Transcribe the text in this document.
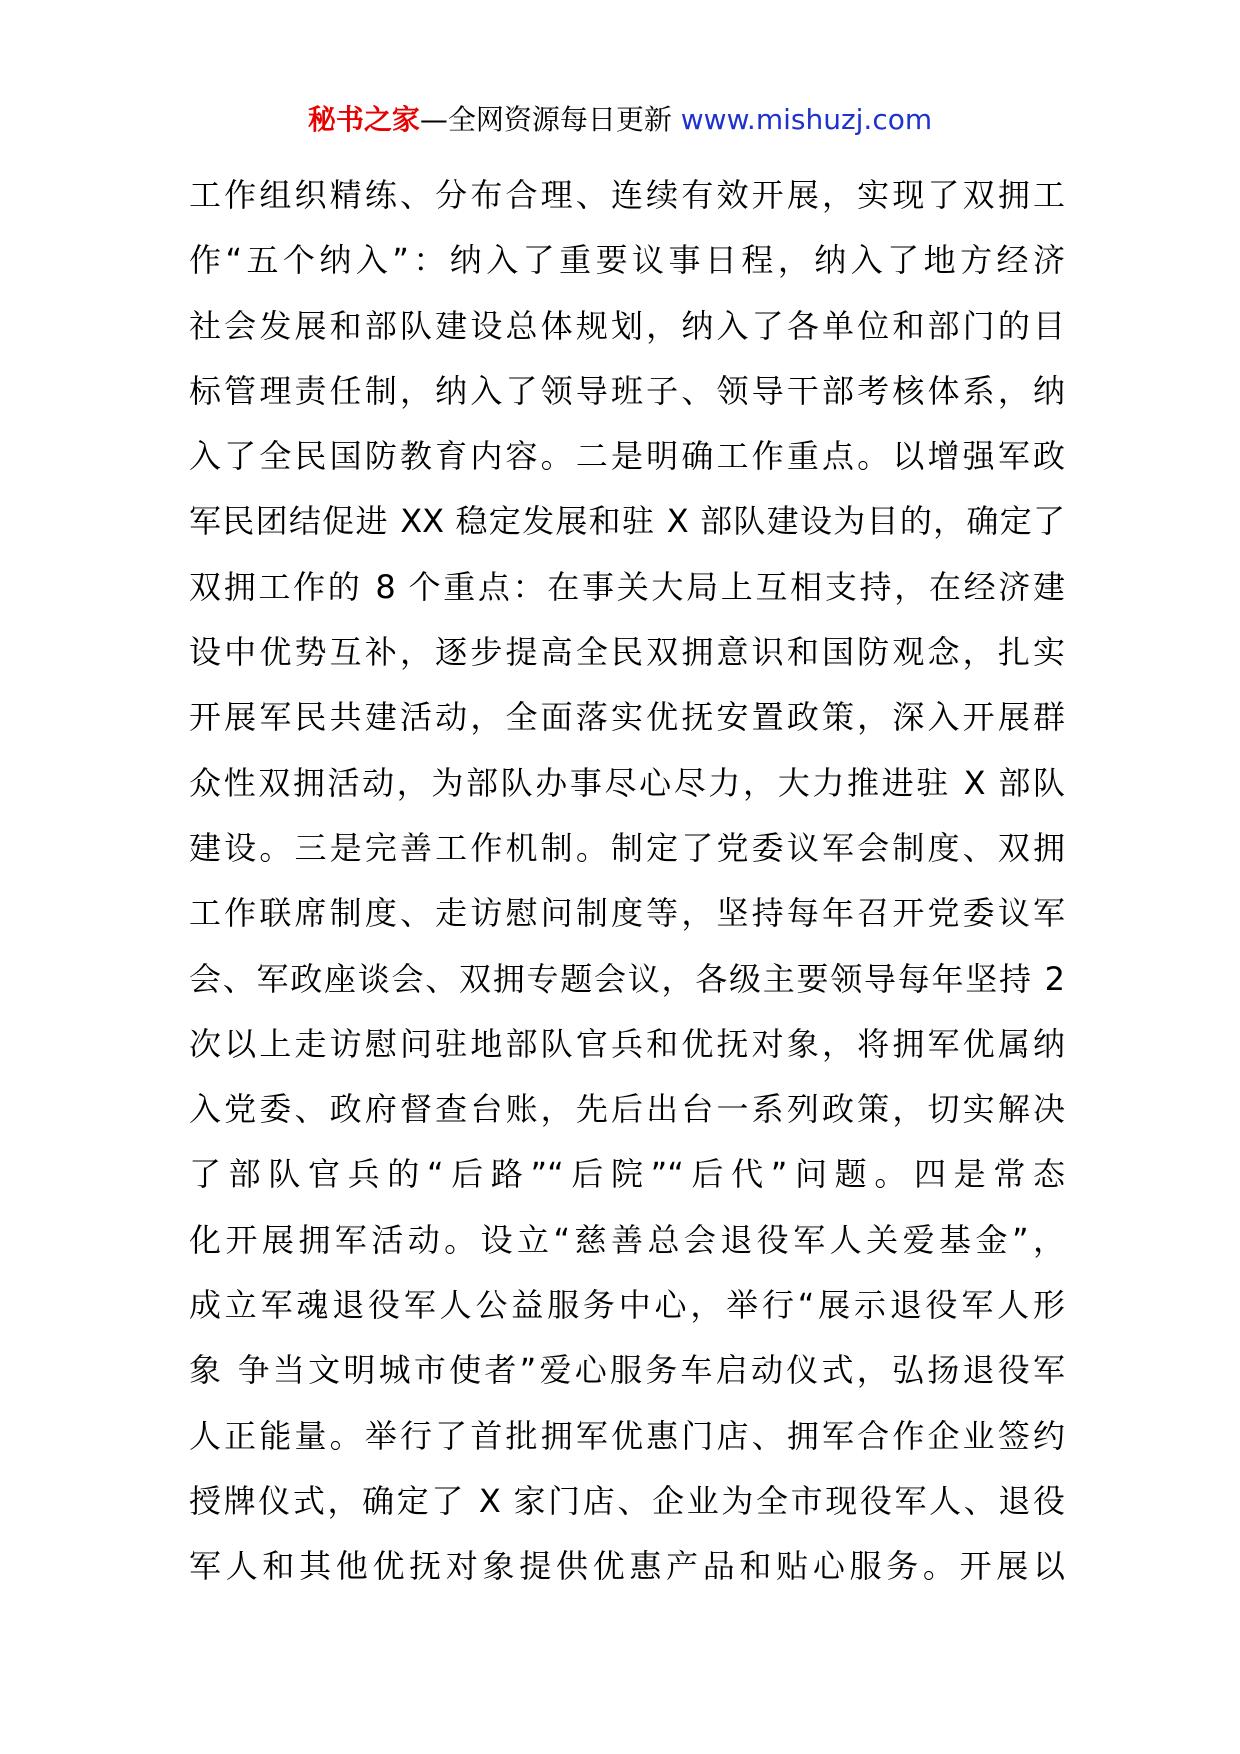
秘书之家—全网资源每日更新 www.mishuzj.com
工作组织精练、分布合理、连续有效开展，实现了双拥工
作“五个纳入”：纳入了重要议事日程，纳入了地方经济
社会发展和部队建设总体规划，纳入了各单位和部门的目
标管理责任制，纳入了领导班子、领导干部考核体系，纳
入了全民国防教育内容。二是明确工作重点。以增强军政
军民团结促进 XX 稳定发展和驻 X 部队建设为目的，确定了
双拥工作的 8 个重点：在事关大局上互相支持，在经济建
设中优势互补，逐步提高全民双拥意识和国防观念，扎实
开展军民共建活动，全面落实优抚安置政策，深入开展群
众性双拥活动，为部队办事尽心尽力，大力推进驻 X 部队
建设。三是完善工作机制。制定了党委议军会制度、双拥
工作联席制度、走访慰问制度等，坚持每年召开党委议军
会、军政座谈会、双拥专题会议，各级主要领导每年坚持 2
次以上走访慰问驻地部队官兵和优抚对象，将拥军优属纳
入党委、政府督查台账，先后出台一系列政策，切实解决
了部队官兵的“后路”“后院”“后代”问题。四是常态
化开展拥军活动。设立“慈善总会退役军人关爱基金”，
成立军魂退役军人公益服务中心，举行“展示退役军人形
象 争当文明城市使者”爱心服务车启动仪式，弘扬退役军
人正能量。举行了首批拥军优惠门店、拥军合作企业签约
授牌仪式，确定了 X 家门店、企业为全市现役军人、退役
军人和其他优抚对象提供优惠产品和贴心服务。开展以
